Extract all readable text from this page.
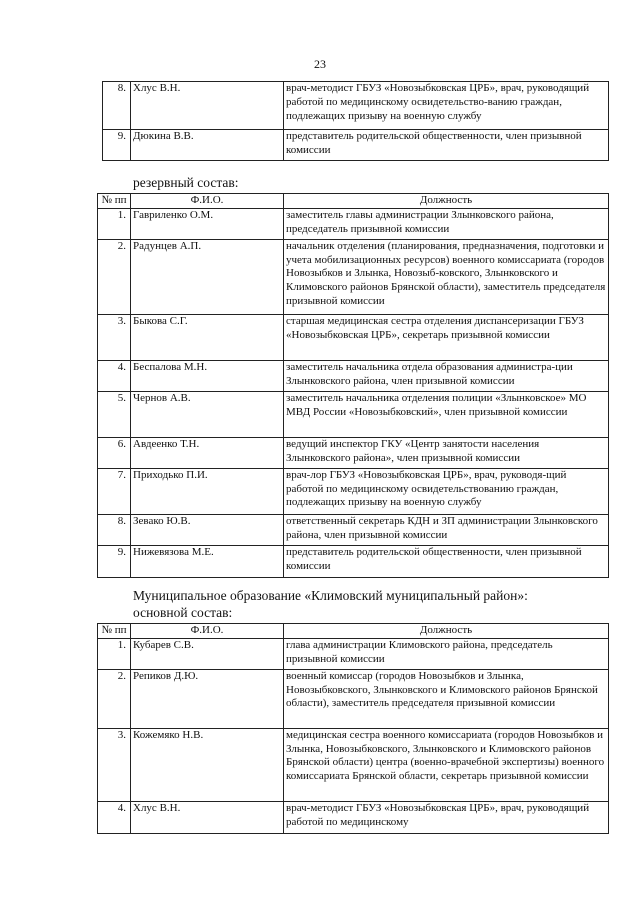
23
8.	Хлус В.Н.	врач-методист ГБУЗ «Новозыбковская ЦРБ», врач, руководящий работой по медицинскому освидетельство-ванию граждан, подлежащих призыву на военную службу
9.	Дюкина В.В.	представитель родительской общественности, член призывной комиссии
резервный состав:
№ пп	Ф.И.О.	Должность
1.	Гавриленко О.М.	заместитель главы администрации Злынковского района, председатель призывной комиссии
2.	Радунцев А.П.	начальник отделения (планирования, предназначения, подготовки и учета мобилизационных ресурсов) военного комиссариата (городов Новозыбков и Злынка, Новозыб-ковского, Злынковского и Климовского районов Брянской области), заместитель председателя призывной комиссии
3.	Быкова С.Г.	старшая медицинская сестра отделения диспансеризации ГБУЗ «Новозыбковская ЦРБ», секретарь призывной комиссии
4.	Беспалова М.Н.	заместитель начальника отдела образования администра-ции Злынковского района, член призывной комиссии
5.	Чернов А.В.	заместитель начальника отделения полиции «Злынковское» МО МВД России «Новозыбковский», член призывной комиссии
6.	Авдеенко Т.Н.	ведущий инспектор ГКУ «Центр занятости населения Злынковского района», член призывной комиссии
7.	Приходько П.И.	врач-лор ГБУЗ «Новозыбковская ЦРБ», врач, руководя-щий работой по медицинскому освидетельствованию граждан, подлежащих призыву на военную службу
8.	Зевако Ю.В.	ответственный секретарь КДН и ЗП администрации Злынковского района, член призывной комиссии
9.	Нижевязова М.Е.	представитель родительской общественности, член призывной комиссии
Муниципальное образование «Климовский муниципальный район»:
основной состав:
№ пп	Ф.И.О.	Должность
1.	Кубарев С.В.	глава администрации Климовского района, председатель призывной комиссии
2.	Репиков Д.Ю.	военный комиссар (городов Новозыбков и Злынка, Новозыбковского, Злынковского и Климовского районов Брянской области), заместитель председателя призывной комиссии
3.	Кожемяко Н.В.	медицинская сестра военного комиссариата (городов Новозыбков и Злынка, Новозыбковского, Злынковского и Климовского районов Брянской области) центра (военно-врачебной экспертизы) военного комиссариата Брянской области, секретарь призывной комиссии
4.	Хлус В.Н.	врач-методист ГБУЗ «Новозыбковская ЦРБ», врач, руководящий работой по медицинскому
